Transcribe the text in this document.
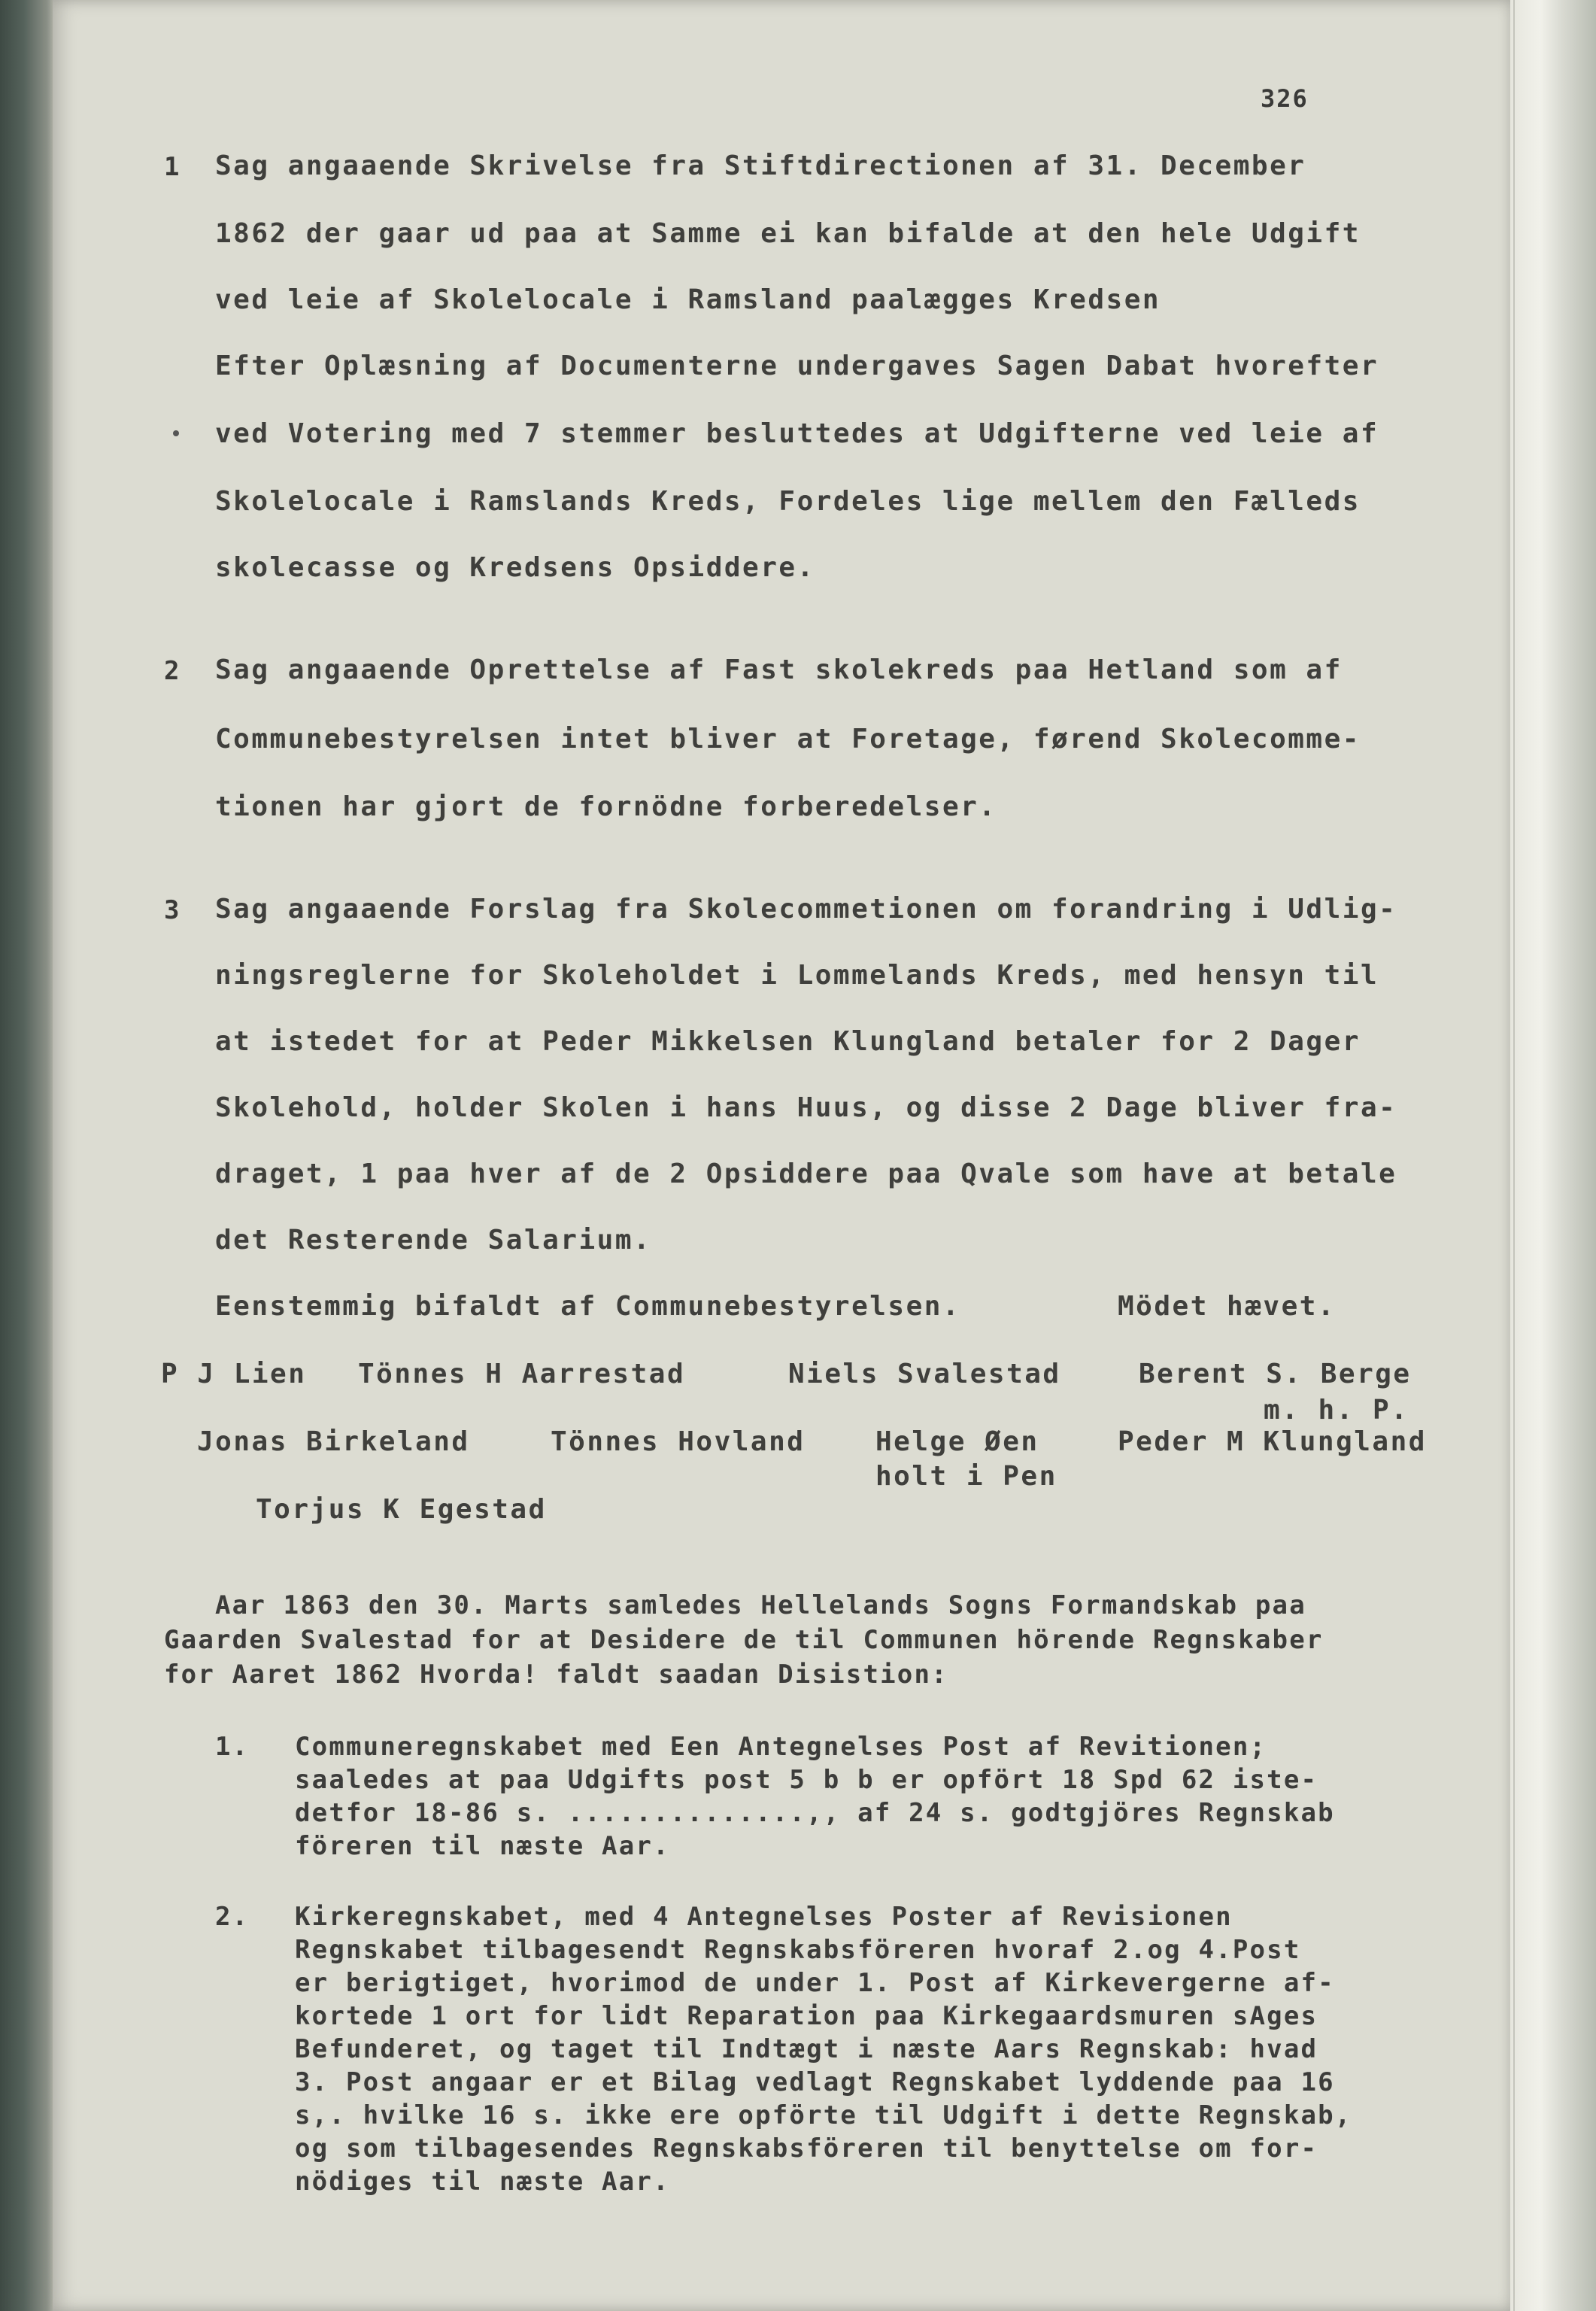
326
1 Sag angaaende Skrivelse fra Stiftdirectionen af 31. December
1862 der gaar ud paa at Samme ei kan bifalde at den hele Udgift
ved leie af Skolelocale i Ramsland paalægges Kredsen
Efter Oplæsning af Documenterne undergaves Sagen Dabat hvorefter
ved Votering med 7 stemmer besluttedes at Udgifterne ved leie af
Skolelocale i Ramslands Kreds, Fordeles lige mellem den Fælleds
skolecasse og Kredsens Opsiddere.
2 Sag angaaende Oprettelse af Fast skolekreds paa Hetland som af
Communebestyrelsen intet bliver at Foretage, førend Skolecomme-
tionen har gjort de fornödne forberedelser.
3 Sag angaaende Forslag fra Skolecommetionen om forandring i Udlig-
ningsreglerne for Skoleholdet i Lommelands Kreds, med hensyn til
at istedet for at Peder Mikkelsen Klungland betaler for 2 Dager
Skolehold, holder Skolen i hans Huus, og disse 2 Dage bliver fra-
draget, 1 paa hver af de 2 Opsiddere paa Qvale som have at betale
det Resterende Salarium.
Eenstemmig bifaldt af Communebestyrelsen.	Mödet hævet.
P J Lien Tönnes H Aarrestad	Niels Svalestad	Berent S. Berge
m. h. P.
Jonas Birkeland	Tönnes Hovland	Helge Øen	Peder M Klungland
holt i Pen
Torjus K Egestad
Aar 1863 den 30. Marts samledes Hellelands Sogns Formandskab paa
Gaarden Svalestad for at Desidere de til Communen hörende Regnskaber
for Aaret 1862 Hvorda! faldt saadan Disistion:
1. Communeregnskabet med Een Antegnelses Post af Revitionen;
saaledes at paa Udgifts post 5 b b er opfört 18 Spd 62 iste-
detfor 18-86 s. ..............,, af 24 s. godtgjöres Regnskab
föreren til næste Aar.
2. Kirkeregnskabet, med 4 Antegnelses Poster af Revisionen
Regnskabet tilbagesendt Regnskabsföreren hvoraf 2.og 4.Post
er berigtiget, hvorimod de under 1. Post af Kirkevergerne af-
kortede 1 ort for lidt Reparation paa Kirkegaardsmuren sAges
Befunderet, og taget til Indtægt i næste Aars Regnskab: hvad
3. Post angaar er et Bilag vedlagt Regnskabet lyddende paa 16
s,. hvilke 16 s. ikke ere opförte til Udgift i dette Regnskab,
og som tilbagesendes Regnskabsföreren til benyttelse om for-
nödiges til næste Aar.
